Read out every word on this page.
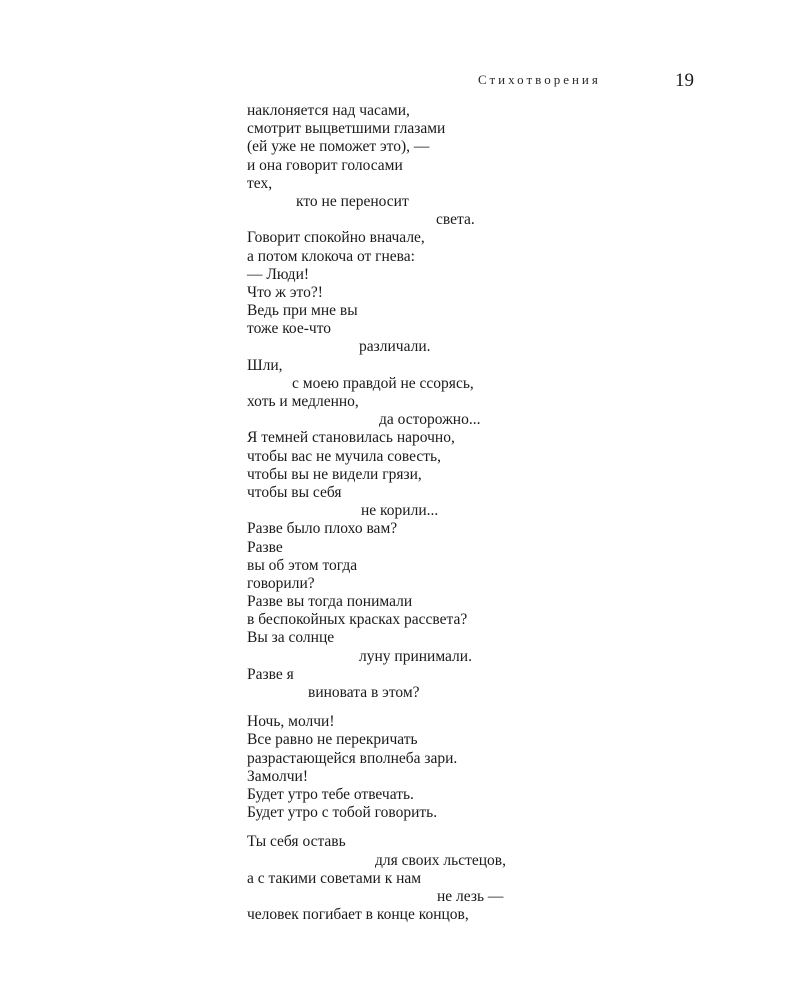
Стихотворения	19
наклоняется над часами,
смотрит выцветшими глазами
(ей уже не поможет это), —
и она говорит голосами
тех,
кто не переносит
света.
Говорит спокойно вначале,
а потом клокоча от гнева:
— Люди!
Что ж это?!
Ведь при мне вы
тоже кое-что
различали.
Шли,
с моею правдой не ссорясь,
хоть и медленно,
да осторожно...
Я темней становилась нарочно,
чтобы вас не мучила совесть,
чтобы вы не видели грязи,
чтобы вы себя
не корили...
Разве было плохо вам?
Разве
вы об этом тогда
говорили?
Разве вы тогда понимали
в беспокойных красках рассвета?
Вы за солнце
луну принимали.
Разве я
виновата в этом?
Ночь, молчи!
Все равно не перекричать
разрастающейся вполнеба зари.
Замолчи!
Будет утро тебе отвечать.
Будет утро с тобой говорить.
Ты себя оставь
для своих льстецов,
а с такими советами к нам
не лезь —
человек погибает в конце концов,
